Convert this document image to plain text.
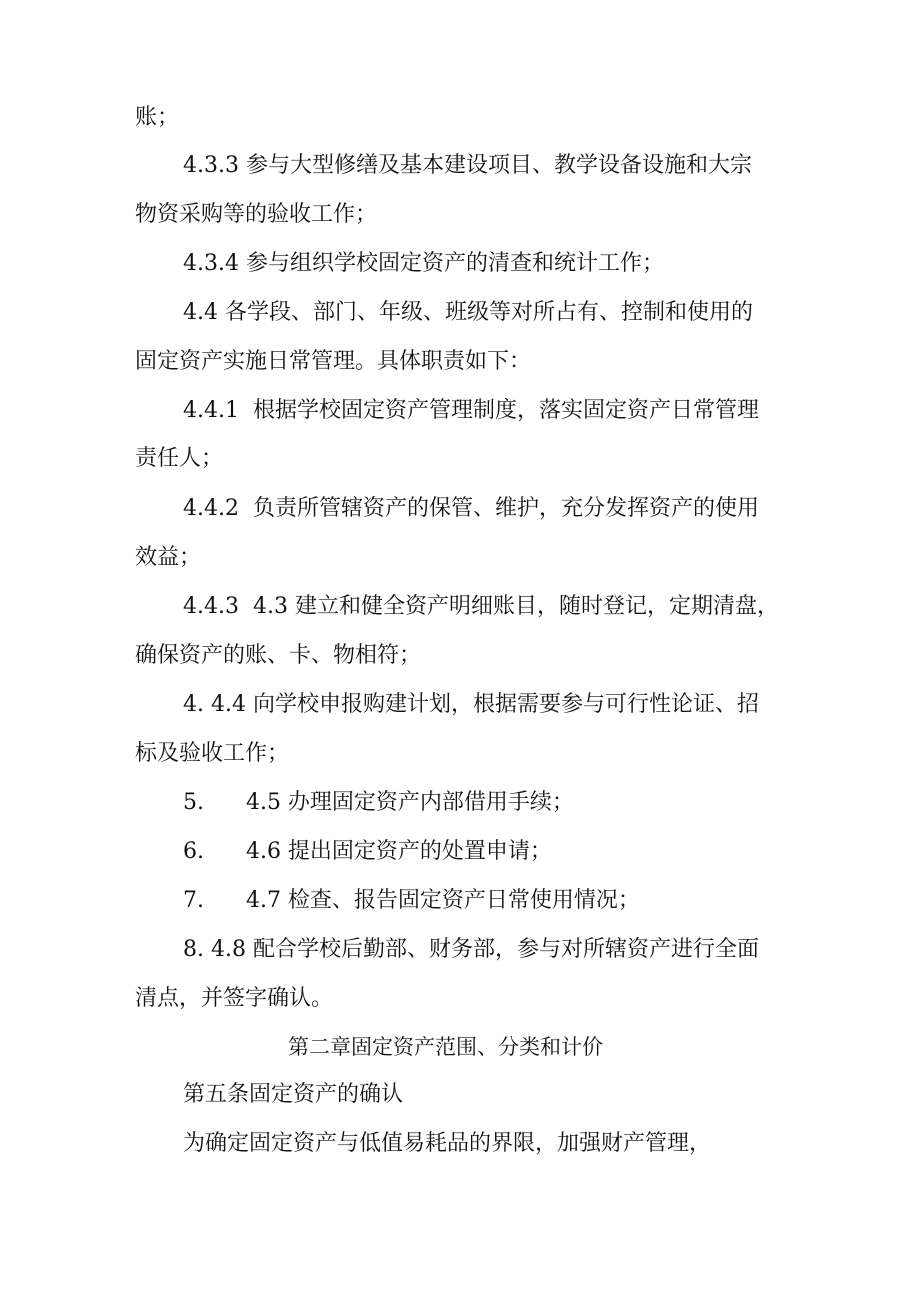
账；

4.3.3 参与大型修缮及基本建设项目、教学设备设施和大宗

物资采购等的验收工作；

4.3.4 参与组织学校固定资产的清查和统计工作；

4.4 各学段、部门、年级、班级等对所占有、控制和使用的

固定资产实施日常管理。具体职责如下：

4.4.1  根据学校固定资产管理制度，落实固定资产日常管理

责任人；

4.4.2  负责所管辖资产的保管、维护，充分发挥资产的使用

效益；

4.4.3  4.3 建立和健全资产明细账目，随时登记，定期清盘，

确保资产的账、卡、物相符；

4. 4.4 向学校申报购建计划，根据需要参与可行性论证、招

标及验收工作；

5.      4.5 办理固定资产内部借用手续；

6.      4.6 提出固定资产的处置申请；

7.      4.7 检查、报告固定资产日常使用情况；

8. 4.8 配合学校后勤部、财务部，参与对所辖资产进行全面

清点，并签字确认。

第二章固定资产范围、分类和计价

第五条固定资产的确认

为确定固定资产与低值易耗品的界限，加强财产管理，
